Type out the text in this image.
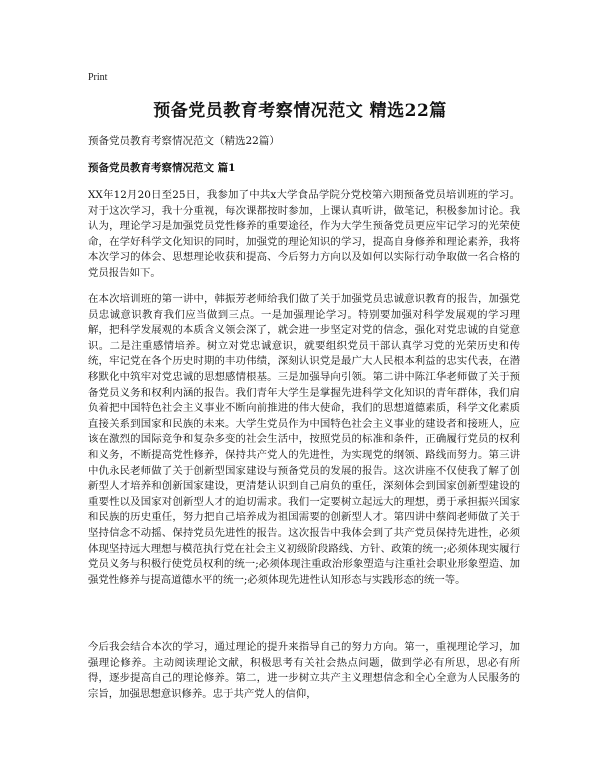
Print
预备党员教育考察情况范文 精选22篇
预备党员教育考察情况范文（精选22篇）
预备党员教育考察情况范文 篇1

XX年12月20日至25日，我参加了中共x大学食品学院分党校第六期预备党员培训班的学习。对于这次学习，我十分重视，每次课都按时参加，上课认真听讲，做笔记，积极参加讨论。我认为，理论学习是加强党员党性修养的重要途径，作为大学生预备党员更应牢记学习的光荣使命，在学好科学文化知识的同时，加强党的理论知识的学习，提高自身修养和理论素养，我将本次学习的体会、思想理论收获和提高、今后努力方向以及如何以实际行动争取做一名合格的党员报告如下。

在本次培训班的第一讲中，韩振芳老师给我们做了关于加强党员忠诚意识教育的报告，加强党员忠诚意识教育我们应当做到三点。一是加强理论学习。特别要加强对科学发展观的学习理解，把科学发展观的本质含义领会深了，就会进一步坚定对党的信念，强化对党忠诚的自觉意识。二是注重感情培养。树立对党忠诚意识，就要组织党员干部认真学习党的光荣历史和传统，牢记党在各个历史时期的丰功伟绩，深刻认识党是最广大人民根本利益的忠实代表，在潜移默化中筑牢对党忠诚的思想感情根基。三是加强导向引领。第二讲中陈江华老师做了关于预备党员义务和权利内涵的报告。我们青年大学生是掌握先进科学文化知识的青年群体，我们肩负着把中国特色社会主义事业不断向前推进的伟大使命，我们的思想道德素质，科学文化素质直接关系到国家和民族的未来。大学生党员作为中国特色社会主义事业的建设者和接班人，应该在激烈的国际竞争和复杂多变的社会生活中，按照党员的标准和条件，正确履行党员的权利和义务，不断提高党性修养，保持共产党人的先进性，为实现党的纲领、路线而努力。第三讲中仇永民老师做了关于创新型国家建设与预备党员的发展的报告。这次讲座不仅使我了解了创新型人才培养和创新国家建设，更清楚认识到自己肩负的重任，深刻体会到国家创新型建设的重要性以及国家对创新型人才的迫切需求。我们一定要树立起远大的理想，勇于承担振兴国家和民族的历史重任，努力把自己培养成为祖国需要的创新型人才。第四讲中蔡阎老师做了关于坚持信念不动摇、保持党员先进性的报告。这次报告中我体会到了共产党员保持先进性，必须体现坚持远大理想与模范执行党在社会主义初级阶段路线、方针、政策的统一;必须体现实履行党员义务与积极行使党员权利的统一;必须体现注重政治形象塑造与注重社会职业形象塑造、加强党性修养与提高道德水平的统一;必须体现先进性认知形态与实践形态的统一等。

今后我会结合本次的学习，通过理论的提升来指导自己的努力方向。第一，重视理论学习，加强理论修养。主动阅读理论文献，积极思考有关社会热点问题，做到学必有所思，思必有所得，逐步提高自己的理论修养。第二，进一步树立共产主义理想信念和全心全意为人民服务的宗旨，加强思想意识修养。忠于共产党人的信仰，
